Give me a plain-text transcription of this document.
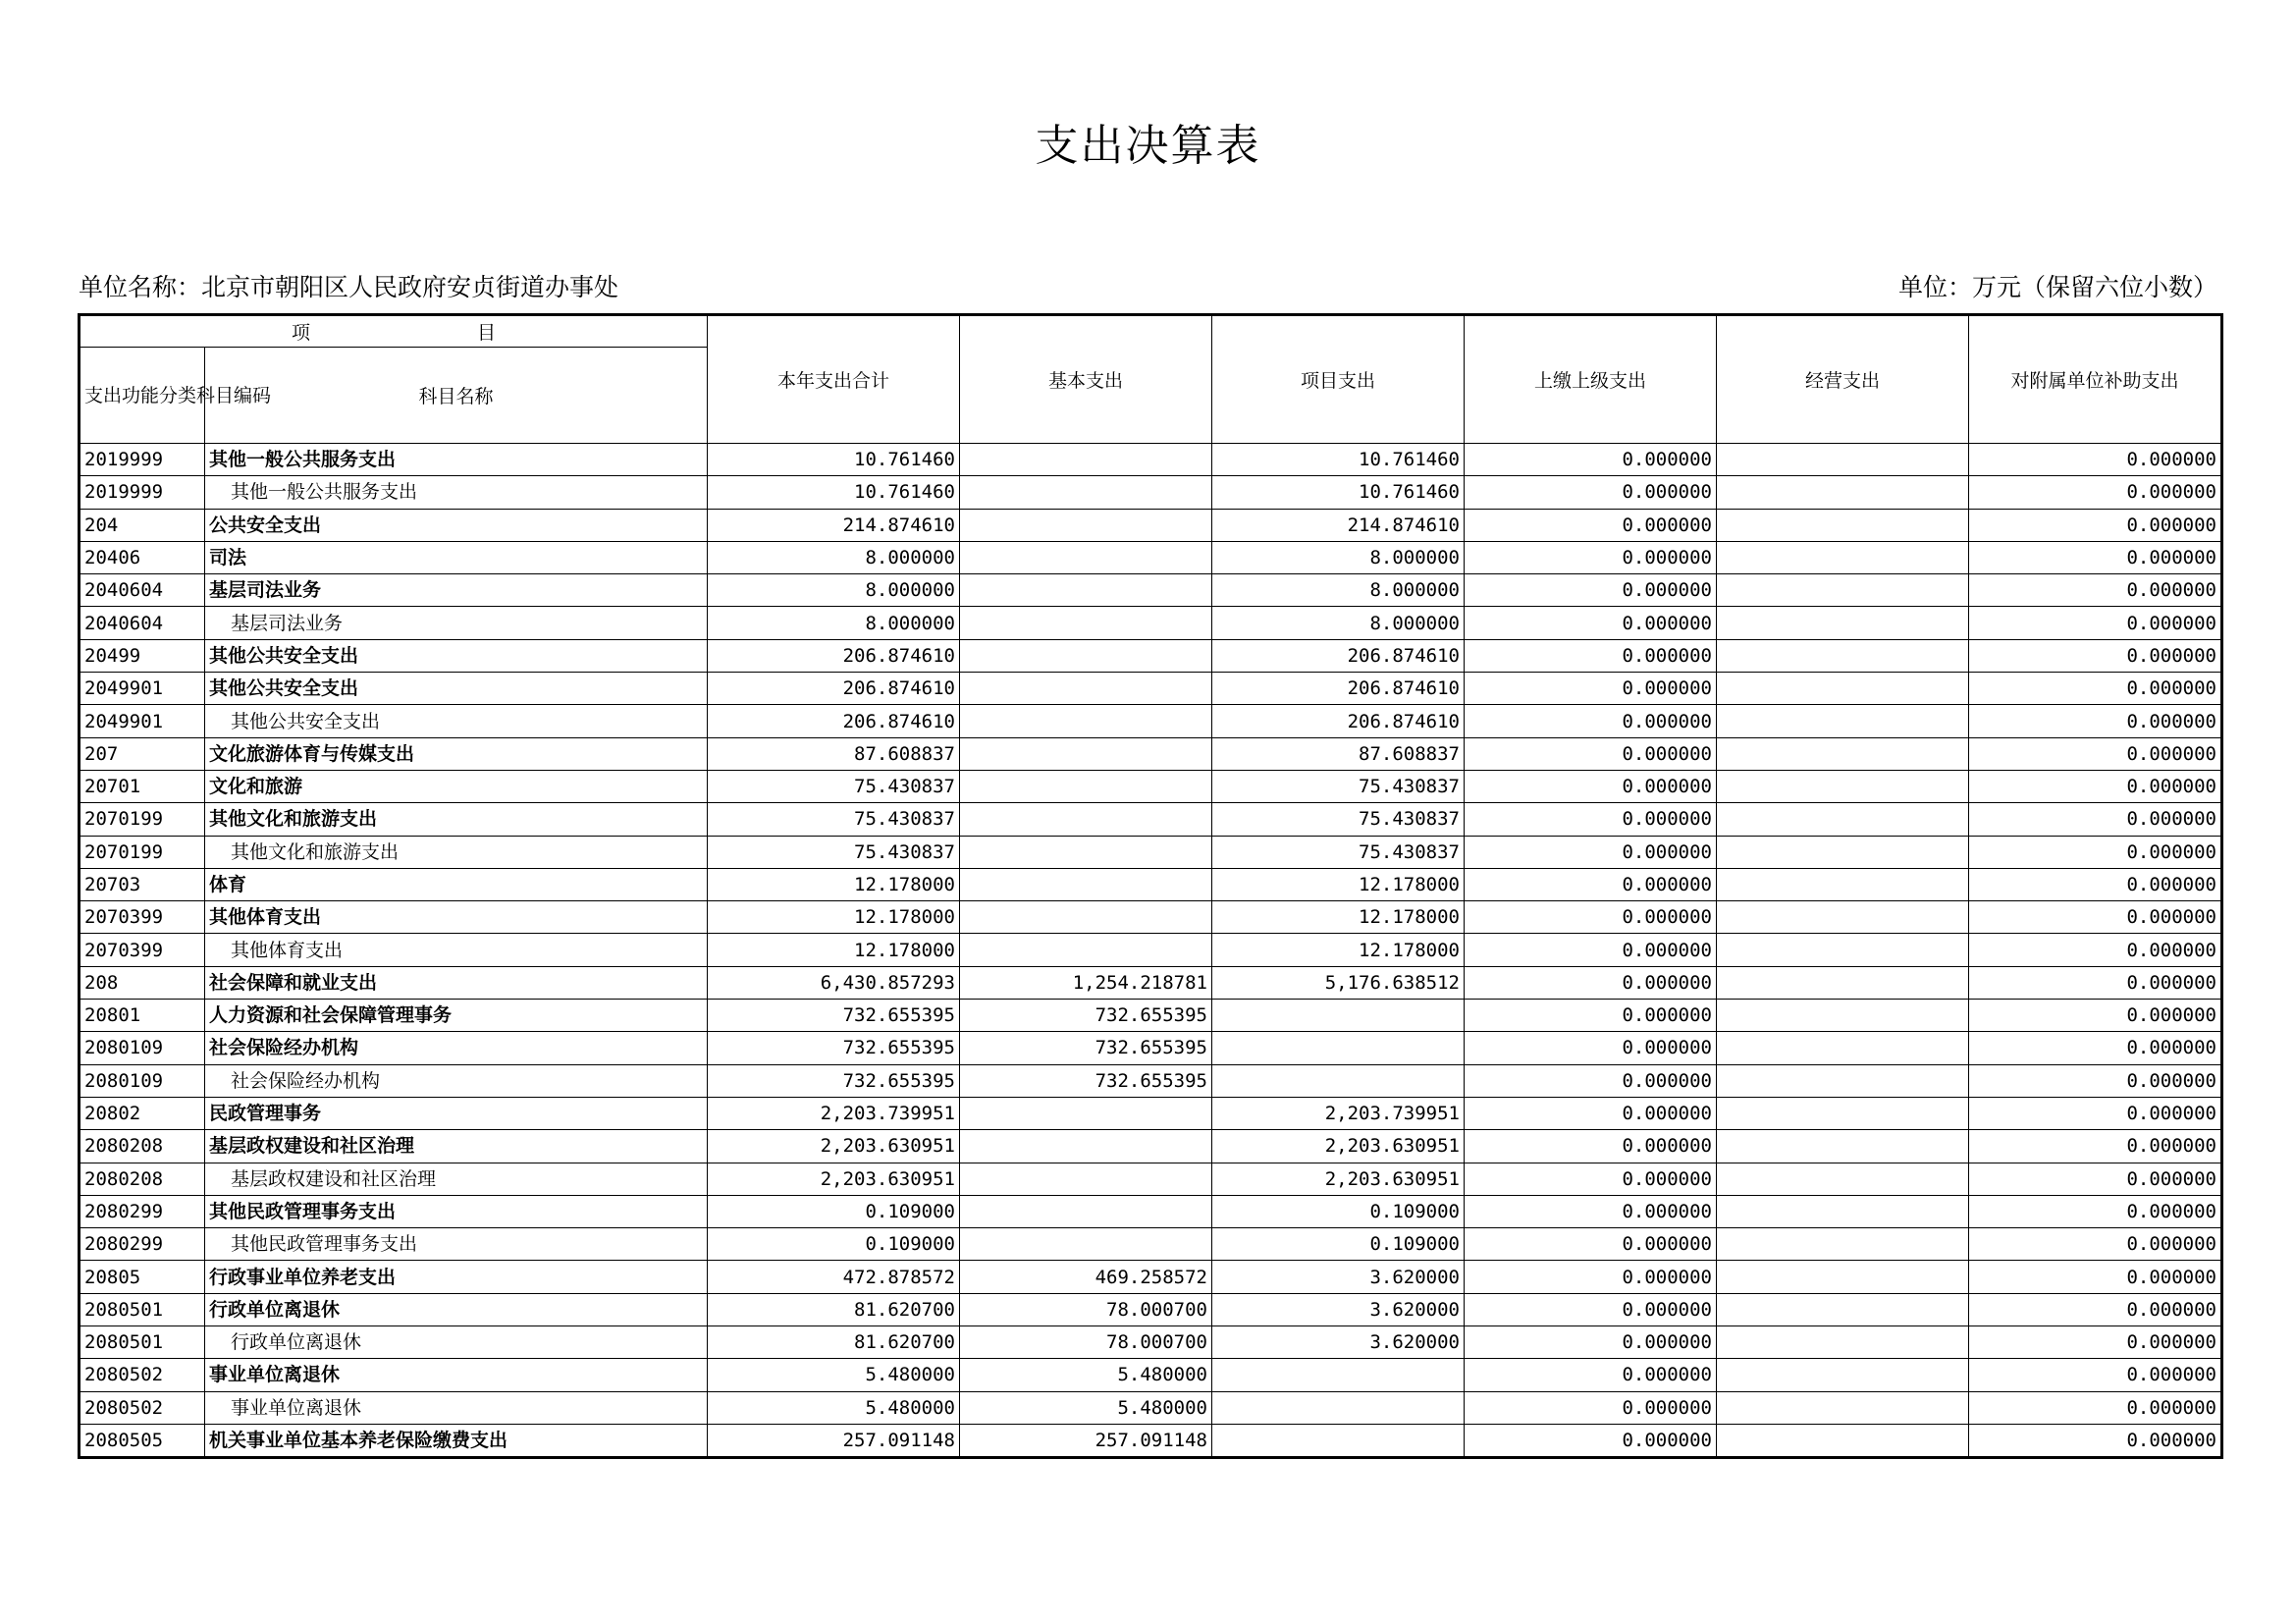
支出决算表
单位名称：北京市朝阳区人民政府安贞街道办事处	单位：万元（保留六位小数）
项 目		本年支出合计	基本支出	项目支出	上缴上级支出	经营支出	对附属单位补助支出
支出功能分类科目编码	科目名称						
2019999	其他一般公共服务支出	10.761460		10.761460	0.000000		0.000000
2019999	其他一般公共服务支出	10.761460		10.761460	0.000000		0.000000
204	公共安全支出	214.874610		214.874610	0.000000		0.000000
20406	司法	8.000000		8.000000	0.000000		0.000000
2040604	基层司法业务	8.000000		8.000000	0.000000		0.000000
2040604	基层司法业务	8.000000		8.000000	0.000000		0.000000
20499	其他公共安全支出	206.874610		206.874610	0.000000		0.000000
2049901	其他公共安全支出	206.874610		206.874610	0.000000		0.000000
2049901	其他公共安全支出	206.874610		206.874610	0.000000		0.000000
207	文化旅游体育与传媒支出	87.608837		87.608837	0.000000		0.000000
20701	文化和旅游	75.430837		75.430837	0.000000		0.000000
2070199	其他文化和旅游支出	75.430837		75.430837	0.000000		0.000000
2070199	其他文化和旅游支出	75.430837		75.430837	0.000000		0.000000
20703	体育	12.178000		12.178000	0.000000		0.000000
2070399	其他体育支出	12.178000		12.178000	0.000000		0.000000
2070399	其他体育支出	12.178000		12.178000	0.000000		0.000000
208	社会保障和就业支出	6,430.857293	1,254.218781	5,176.638512	0.000000		0.000000
20801	人力资源和社会保障管理事务	732.655395	732.655395		0.000000		0.000000
2080109	社会保险经办机构	732.655395	732.655395		0.000000		0.000000
2080109	社会保险经办机构	732.655395	732.655395		0.000000		0.000000
20802	民政管理事务	2,203.739951		2,203.739951	0.000000		0.000000
2080208	基层政权建设和社区治理	2,203.630951		2,203.630951	0.000000		0.000000
2080208	基层政权建设和社区治理	2,203.630951		2,203.630951	0.000000		0.000000
2080299	其他民政管理事务支出	0.109000		0.109000	0.000000		0.000000
2080299	其他民政管理事务支出	0.109000		0.109000	0.000000		0.000000
20805	行政事业单位养老支出	472.878572	469.258572	3.620000	0.000000		0.000000
2080501	行政单位离退休	81.620700	78.000700	3.620000	0.000000		0.000000
2080501	行政单位离退休	81.620700	78.000700	3.620000	0.000000		0.000000
2080502	事业单位离退休	5.480000	5.480000		0.000000		0.000000
2080502	事业单位离退休	5.480000	5.480000		0.000000		0.000000
2080505	机关事业单位基本养老保险缴费支出	257.091148	257.091148		0.000000		0.000000
